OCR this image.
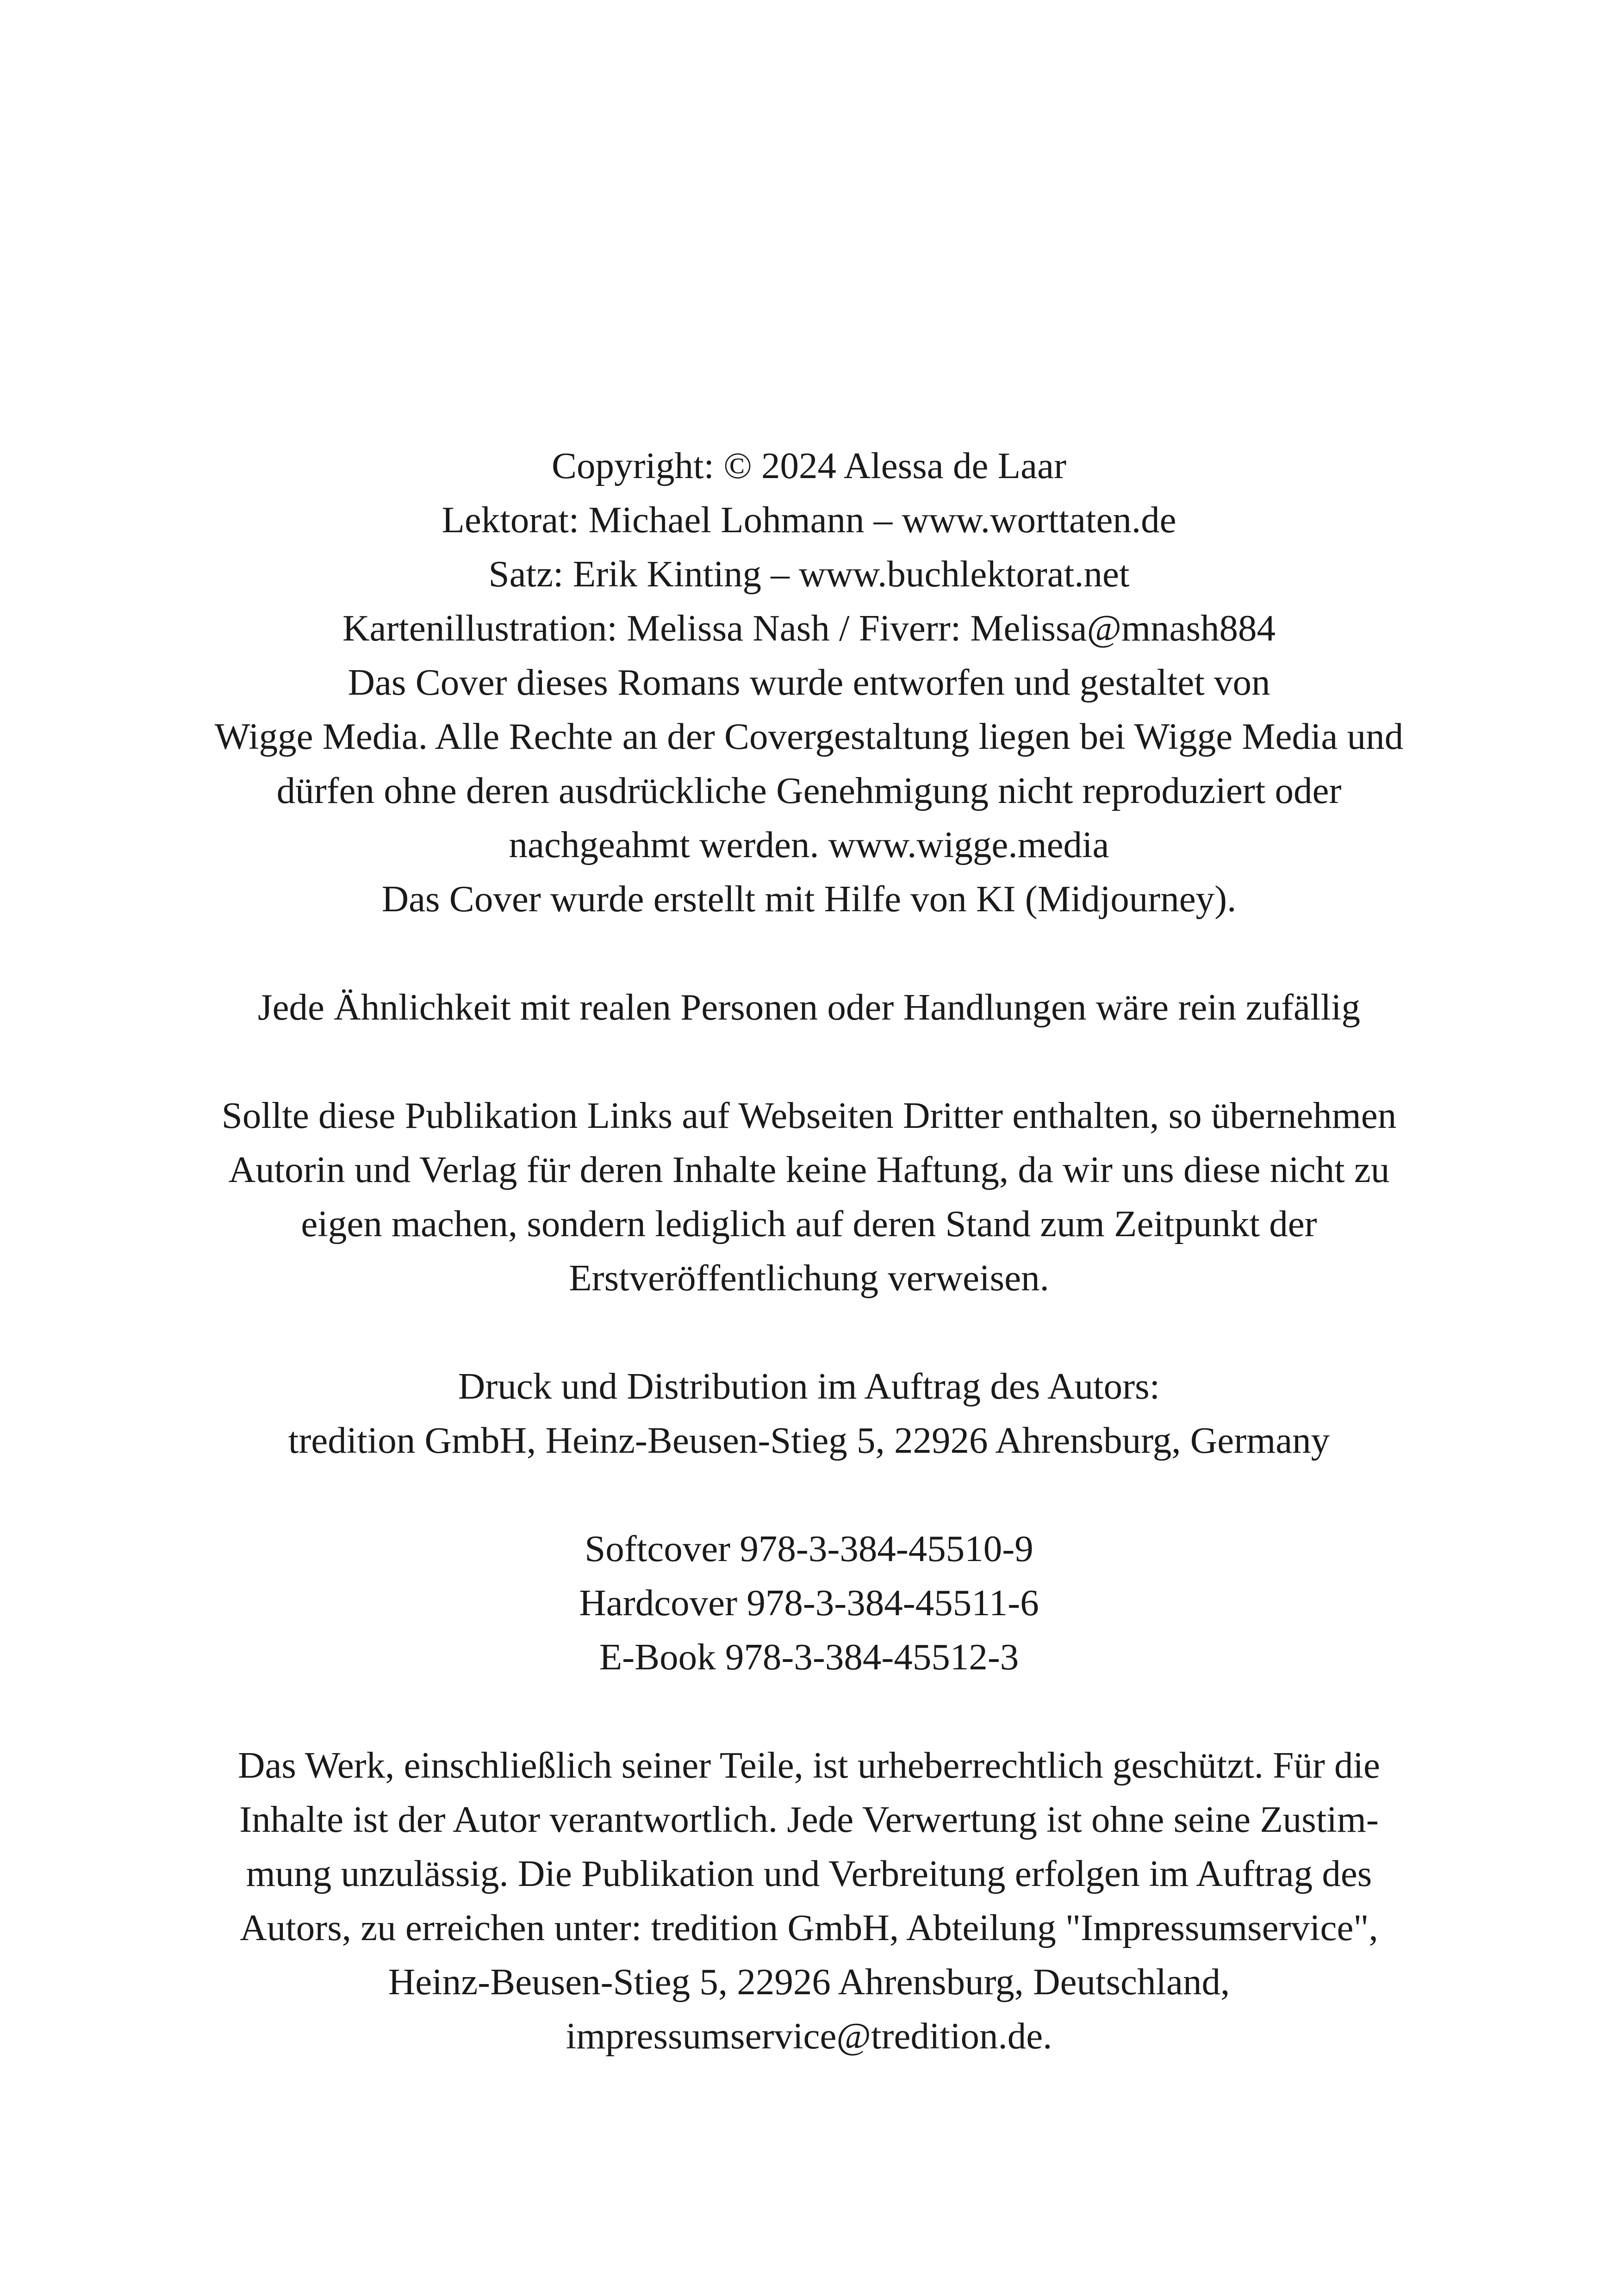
Copyright: © 2024 Alessa de Laar
Lektorat: Michael Lohmann – www.worttaten.de
Satz: Erik Kinting – www.buchlektorat.net
Kartenillustration: Melissa Nash / Fiverr: Melissa@mnash884
Das Cover dieses Romans wurde entworfen und gestaltet von
Wigge Media. Alle Rechte an der Covergestaltung liegen bei Wigge Media und
dürfen ohne deren ausdrückliche Genehmigung nicht reproduziert oder
nachgeahmt werden. www.wigge.media
Das Cover wurde erstellt mit Hilfe von KI (Midjourney).
Jede Ähnlichkeit mit realen Personen oder Handlungen wäre rein zufällig
Sollte diese Publikation Links auf Webseiten Dritter enthalten, so übernehmen
Autorin und Verlag für deren Inhalte keine Haftung, da wir uns diese nicht zu
eigen machen, sondern lediglich auf deren Stand zum Zeitpunkt der
Erstveröffentlichung verweisen.
Druck und Distribution im Auftrag des Autors:
tredition GmbH, Heinz-Beusen-Stieg 5, 22926 Ahrensburg, Germany
Softcover 978-3-384-45510-9
Hardcover 978-3-384-45511-6
E-Book 978-3-384-45512-3
Das Werk, einschließlich seiner Teile, ist urheberrechtlich geschützt. Für die
Inhalte ist der Autor verantwortlich. Jede Verwertung ist ohne seine Zustim-
mung unzulässig. Die Publikation und Verbreitung erfolgen im Auftrag des
Autors, zu erreichen unter: tredition GmbH, Abteilung "Impressumservice",
Heinz-Beusen-Stieg 5, 22926 Ahrensburg, Deutschland,
impressumservice@tredition.de.
